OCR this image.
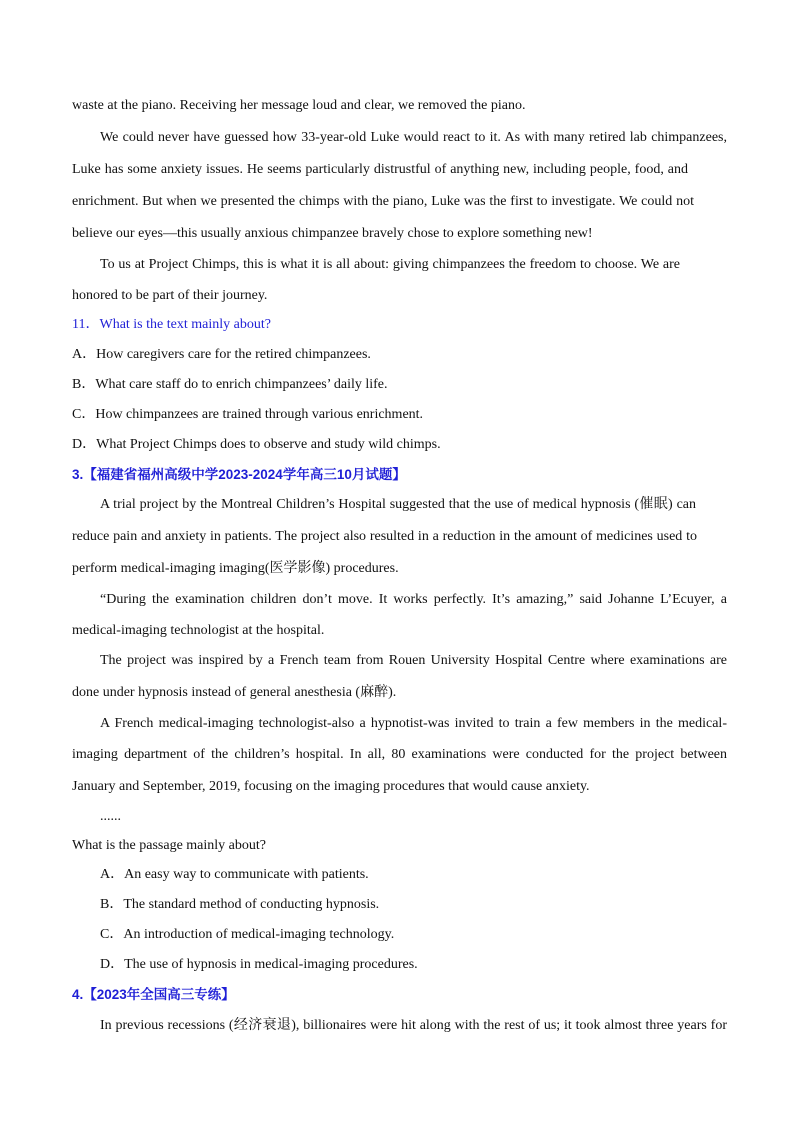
waste at the piano. Receiving her message loud and clear, we removed the piano.
We could never have guessed how 33-year-old Luke would react to it. As with many retired lab chimpanzees,
Luke has some anxiety issues. He seems particularly distrustful of anything new, including people, food, and
enrichment. But when we presented the chimps with the piano, Luke was the first to investigate. We could not
believe our eyes—this usually anxious chimpanzee bravely chose to explore something new!
To us at Project Chimps, this is what it is all about: giving chimpanzees the freedom to choose. We are
honored to be part of their journey.
11．What is the text mainly about?
A．How caregivers care for the retired chimpanzees.
B．What care staff do to enrich chimpanzees’ daily life.
C．How chimpanzees are trained through various enrichment.
D．What Project Chimps does to observe and study wild chimps.
3.【福建省福州高级中学2023-2024学年高三10月试题】
A trial project by the Montreal Children’s Hospital suggested that the use of medical hypnosis (催眠) can
reduce pain and anxiety in patients. The project also resulted in a reduction in the amount of medicines used to
perform medical-imaging imaging(医学影像) procedures.
“During the examination children don’t move. It works perfectly. It’s amazing,” said Johanne L’Ecuyer, a
medical-imaging technologist at the hospital.
The project was inspired by a French team from Rouen University Hospital Centre where examinations are
done under hypnosis instead of general anesthesia (麻醉).
A French medical-imaging technologist-also a hypnotist-was invited to train a few members in the medical-
imaging department of the children’s hospital. In all, 80 examinations were conducted for the project between
January and September, 2019, focusing on the imaging procedures that would cause anxiety.
......
What is the passage mainly about?
A．An easy way to communicate with patients.
B．The standard method of conducting hypnosis.
C．An introduction of medical-imaging technology.
D．The use of hypnosis in medical-imaging procedures.
4.【2023年全国高三专练】
In previous recessions (经济衰退), billionaires were hit along with the rest of us; it took almost three years for
